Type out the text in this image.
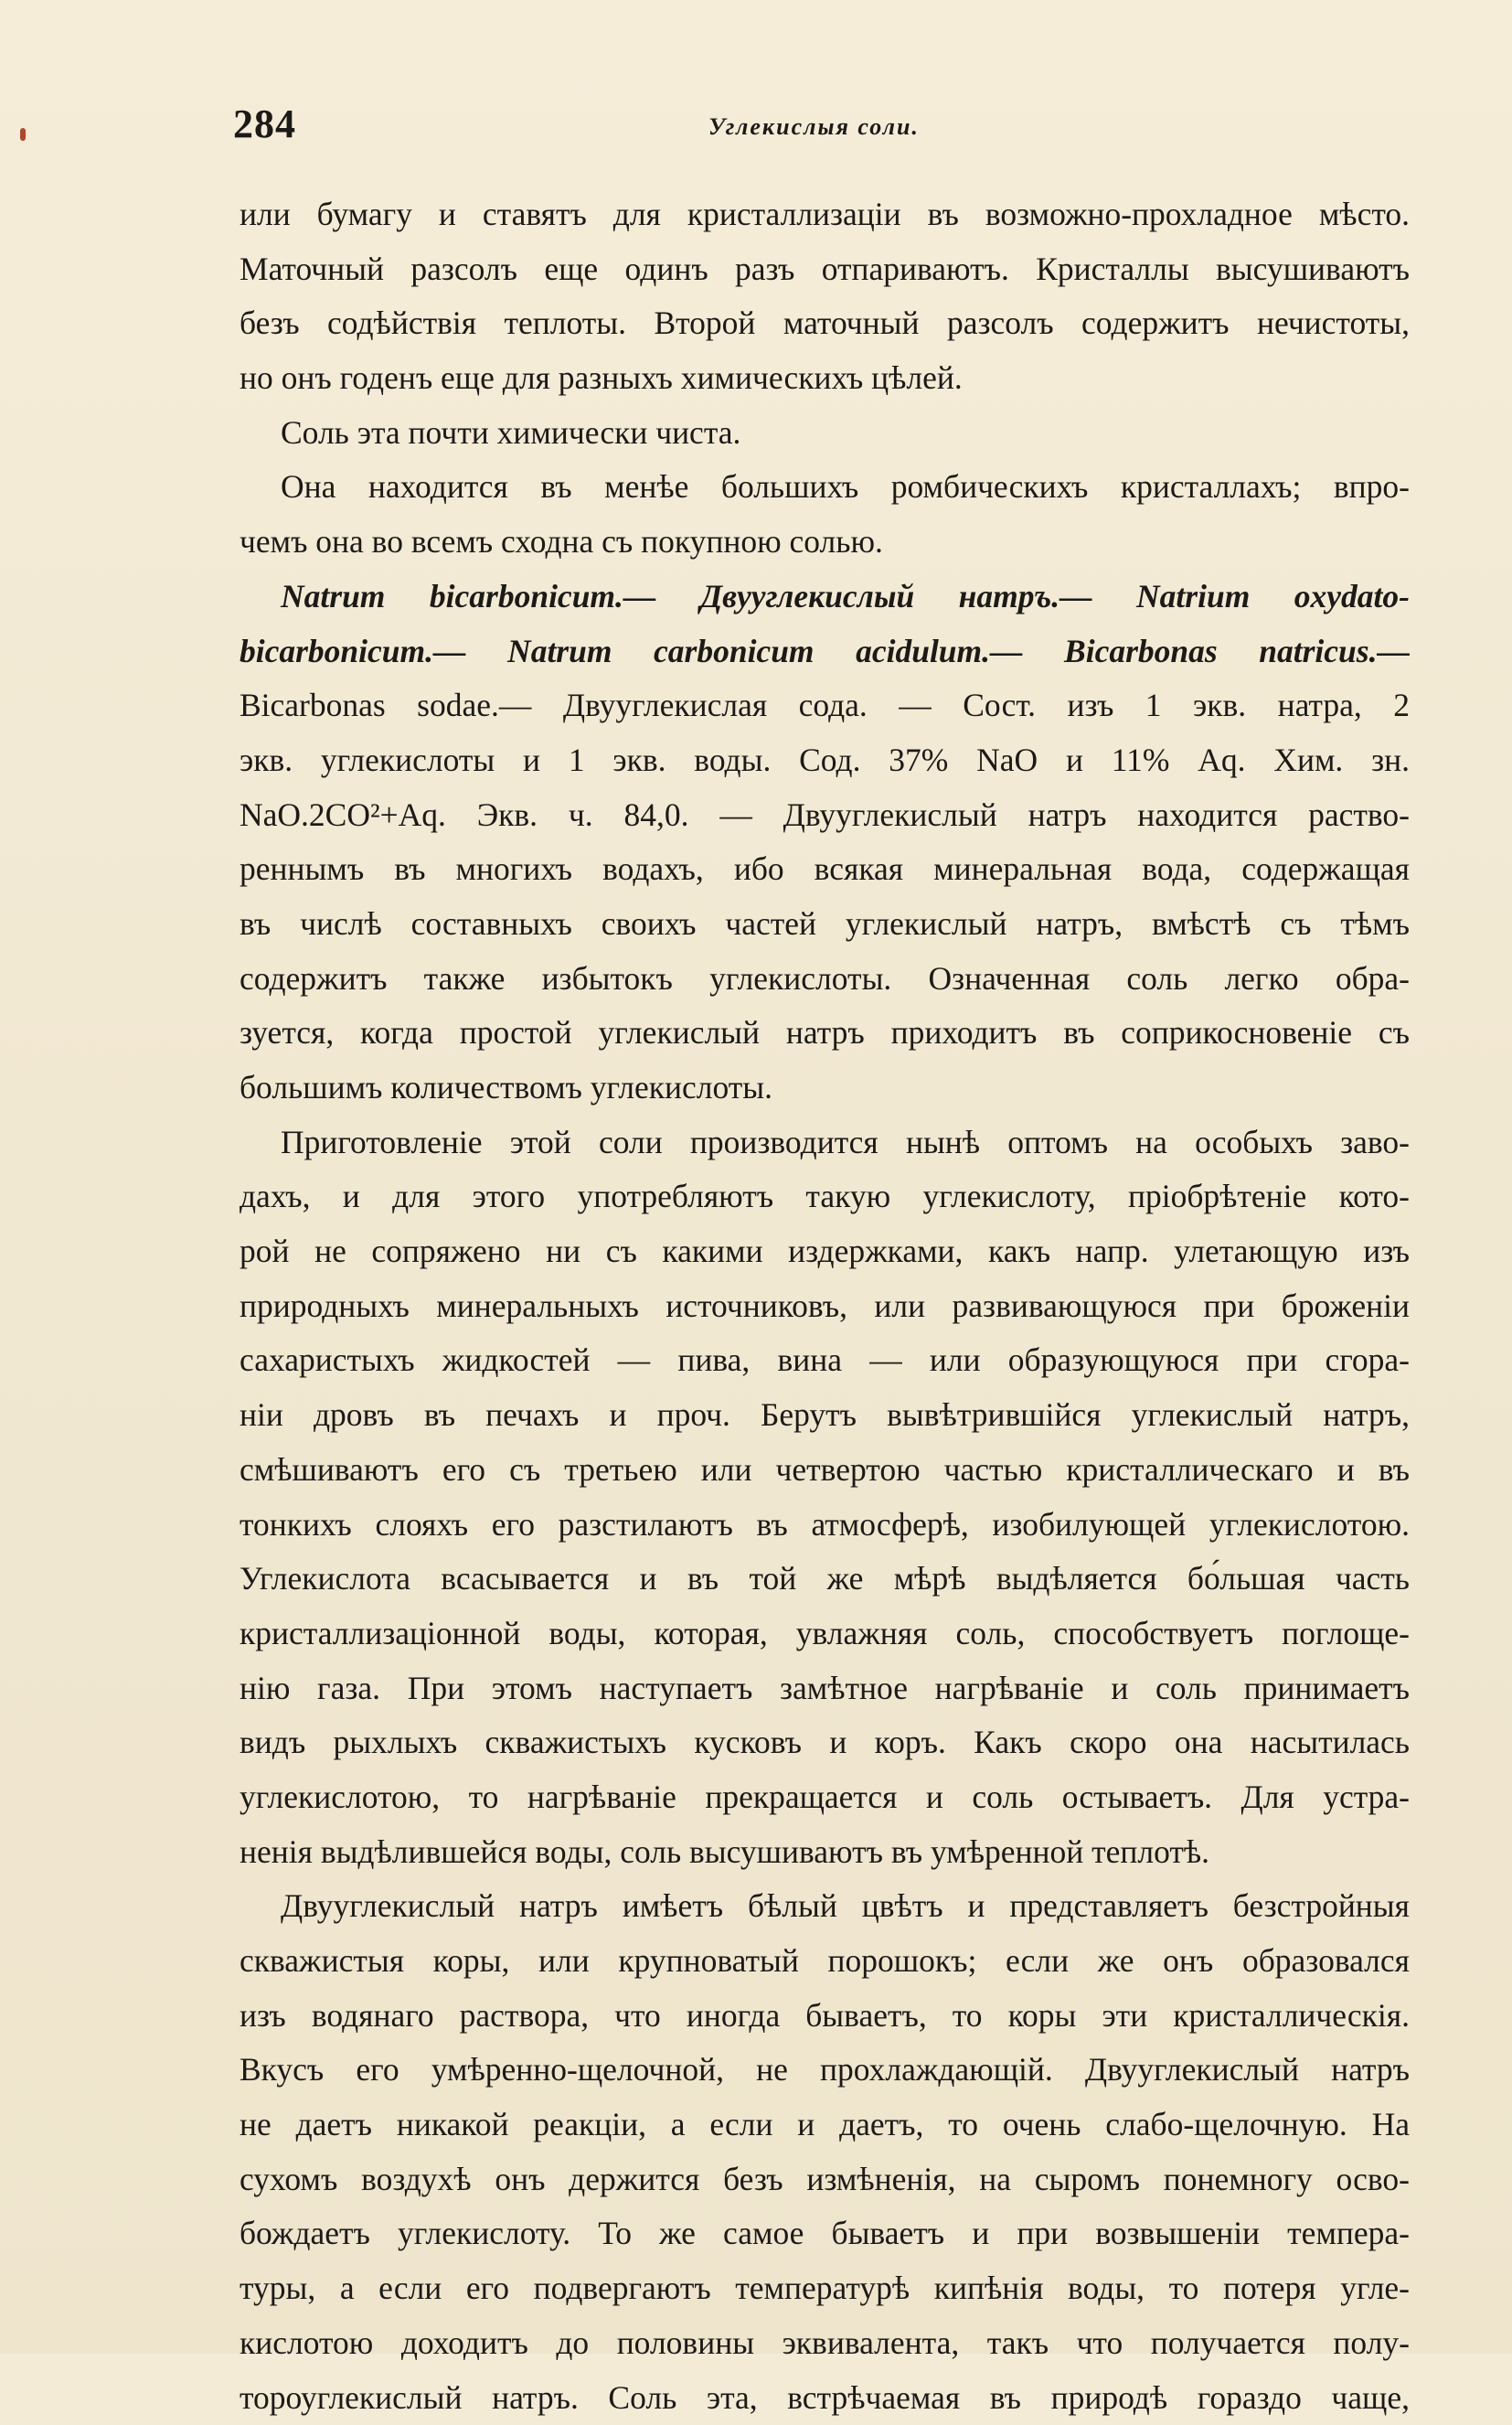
284	Углекислыя соли.
или бумагу и ставятъ для кристаллизаціи въ возможно-прохладное мѣсто.
Маточный разсолъ еще одинъ разъ отпариваютъ. Кристаллы высушиваютъ
безъ содѣйствія теплоты. Второй маточный разсолъ содержитъ нечистоты,
но онъ годенъ еще для разныхъ химическихъ цѣлей.
Соль эта почти химически чиста.
Она находится въ менѣе большихъ ромбическихъ кристаллахъ; впро-
чемъ она во всемъ сходна съ покупною солью.
Natrum bicarbonicum.— Двууглекислый натръ.— Natrium oxydato-
bicarbonicum.— Natrum carbonicum acidulum.— Bicarbonas natricus.—
Bicarbonas sodae.— Двууглекислая сода. — Сост. изъ 1 экв. натра, 2
экв. углекислоты и 1 экв. воды. Сод. 37% NaO и 11% Aq. Хим. зн.
NaO.2CO²+Aq. Экв. ч. 84,0. — Двууглекислый натръ находится раство-
реннымъ въ многихъ водахъ, ибо всякая минеральная вода, содержащая
въ числѣ составныхъ своихъ частей углекислый натръ, вмѣстѣ съ тѣмъ
содержитъ также избытокъ углекислоты. Означенная соль легко обра-
зуется, когда простой углекислый натръ приходитъ въ соприкосновеніе съ
большимъ количествомъ углекислоты.
Приготовленіе этой соли производится нынѣ оптомъ на особыхъ заво-
дахъ, и для этого употребляютъ такую углекислоту, пріобрѣтеніе кото-
рой не сопряжено ни съ какими издержками, какъ напр. улетающую изъ
природныхъ минеральныхъ источниковъ, или развивающуюся при броженіи
сахаристыхъ жидкостей — пива, вина — или образующуюся при сгора-
ніи дровъ въ печахъ и проч. Берутъ вывѣтрившійся углекислый натръ,
смѣшиваютъ его съ третьею или четвертою частью кристаллическаго и въ
тонкихъ слояхъ его разстилаютъ въ атмосферѣ, изобилующей углекислотою.
Углекислота всасывается и въ той же мѣрѣ выдѣляется бо́льшая часть
кристаллизаціонной воды, которая, увлажняя соль, способствуетъ поглоще-
нію газа. При этомъ наступаетъ замѣтное нагрѣваніе и соль принимаетъ
видъ рыхлыхъ скважистыхъ кусковъ и коръ. Какъ скоро она насытилась
углекислотою, то нагрѣваніе прекращается и соль остываетъ. Для устра-
ненія выдѣлившейся воды, соль высушиваютъ въ умѣренной теплотѣ.
Двууглекислый натръ имѣетъ бѣлый цвѣтъ и представляетъ безстройныя
скважистыя коры, или крупноватый порошокъ; если же онъ образовался
изъ водянаго раствора, что иногда бываетъ, то коры эти кристаллическія.
Вкусъ его умѣренно-щелочной, не прохлаждающій. Двууглекислый натръ
не даетъ никакой реакціи, а если и даетъ, то очень слабо-щелочную. На
сухомъ воздухѣ онъ держится безъ измѣненія, на сыромъ понемногу осво-
бождаетъ углекислоту. То же самое бываетъ и при возвышеніи темпера-
туры, а если его подвергаютъ температурѣ кипѣнія воды, то потеря угле-
кислотою доходитъ до половины эквивалента, такъ что получается полу-
тороуглекислый натръ. Соль эта, встрѣчаемая въ природѣ гораздо чаще,
